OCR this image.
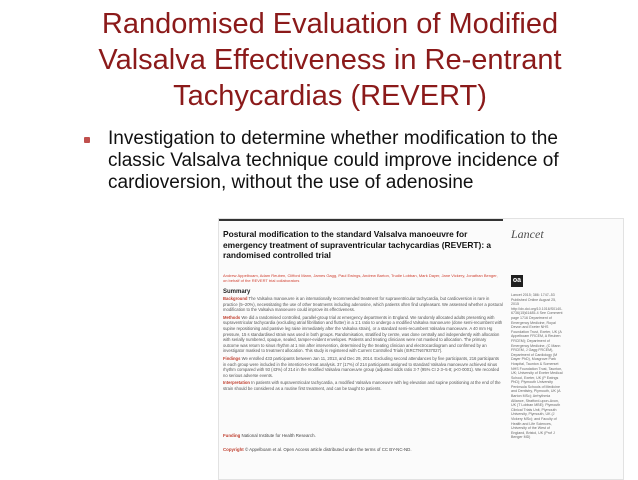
Randomised Evaluation of Modified Valsalva Effectiveness in Re-entrant Tachycardias (REVERT)
Investigation to determine whether modification to the classic Valsalva technique could improve incidence of cardioversion, without the use of adenosine
Postural modification to the standard Valsalva manoeuvre for emergency treatment of supraventricular tachycardias (REVERT): a randomised controlled trial
Andrew Appelboam, Adam Reuben, Clifford Mann, James Gagg, Paul Ewings, Andrew Barton, Trudie Lobban, Mark Dayer, Jane Vickery, Jonathan Benger, on behalf of the REVERT trial collaborators
Summary
Background The Valsalva manoeuvre is an internationally recommended treatment for supraventricular tachycardia, but cardioversion is rare in practice (5–20%), necessitating the use of other treatments including adenosine, which patients often find unpleasant. We assessed whether a postural modification to the Valsalva manoeuvre could improve its effectiveness.
Methods We did a randomised controlled, parallel-group trial at emergency departments in England. We randomly allocated adults presenting with supraventricular tachycardia (excluding atrial fibrillation and flutter) in a 1:1 ratio to undergo a modified Valsalva manoeuvre (done semi-recumbent with supine repositioning and passive leg raise immediately after the Valsalva strain), or a standard semi-recumbent Valsalva manoeuvre. A 40 mm Hg pressure, 15 s standardised strain was used in both groups. Randomisation, stratified by centre, was done centrally and independently with allocation with serially numbered, opaque, sealed, tamper-evident envelopes. Patients and treating clinicians were not masked to allocation. The primary outcome was return to sinus rhythm at 1 min after intervention, determined by the treating clinician and electrocardiogram and confirmed by an investigator masked to treatment allocation. This study is registered with Current Controlled Trials (ISRCTN67937027).
Findings We enrolled 433 participants between Jan 11, 2013, and Dec 29, 2014. Excluding second attendances by five participants, 216 participants in each group were included in the intention-to-treat analysis. 37 (17%) of 214 participants assigned to standard Valsalva manoeuvre achieved sinus rhythm compared with 93 (43%) of 214 in the modified Valsalva manoeuvre group (adjusted odds ratio 3·7 (95% CI 2·3–5·8; p<0·0001). We recorded no serious adverse events.
Interpretation In patients with supraventricular tachycardia, a modified Valsalva manoeuvre with leg elevation and supine positioning at the end of the strain should be considered as a routine first treatment, and can be taught to patients.
Funding National Institute for Health Research.
Copyright © Appelboam et al. Open Access article distributed under the terms of CC BY-NC-ND.
Lancet
oa
Lancet 2015; 386: 1747–53 Published Online August 25, 2015 http://dx.doi.org/10.1016/S0140-6736(15)61485-4 See Comment page 1716 Department of Emergency Medicine, Royal Devon and Exeter NHS Foundation Trust, Exeter, UK (A Appelboam FRCEM, A Reuben FRCEM); Department of Emergency Medicine, (C Mann FRCEM, J Gagg FRCEM), Department of Cardiology (M Dayer PhD), Musgrove Park Hospital, Taunton & Somerset NHS Foundation Trust, Taunton, UK; University of Exeter Medical School, Exeter, UK (P Ewings PhD); Plymouth University Peninsula Schools of Medicine and Dentistry, Plymouth, UK (A Barton MSc); Arrhythmia Alliance, Stratford-upon-Avon, UK (T Lobban MBE); Plymouth Clinical Trials Unit, Plymouth University, Plymouth, UK (J Vickery MSc); and Faculty of Health and Life Sciences, University of the West of England, Bristol, UK (Prof J Benger MD)
